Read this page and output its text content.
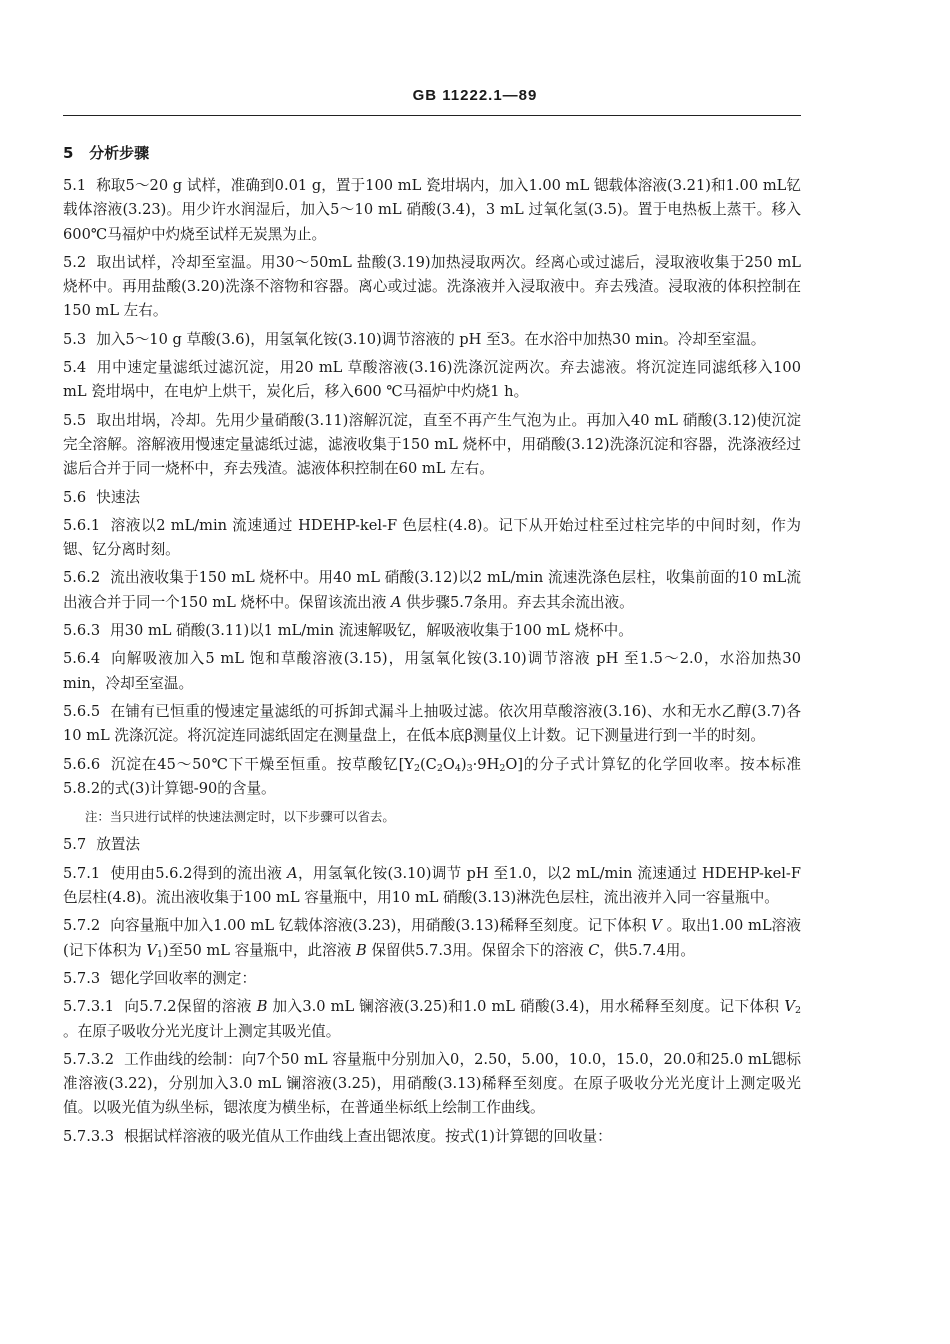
GB 11222.1—89
5 分析步骤

5.1 称取5～20 g 试样，准确到0.01 g，置于100 mL 瓷坩埚内，加入1.00 mL 锶载体溶液(3.21)和1.00 mL钇载体溶液(3.23)。用少许水润湿后，加入5～10 mL 硝酸(3.4)，3 mL 过氧化氢(3.5)。置于电热板上蒸干。移入600℃马福炉中灼烧至试样无炭黑为止。

5.2 取出试样，冷却至室温。用30～50mL 盐酸(3.19)加热浸取两次。经离心或过滤后，浸取液收集于250 mL 烧杯中。再用盐酸(3.20)洗涤不溶物和容器。离心或过滤。洗涤液并入浸取液中。弃去残渣。浸取液的体积控制在150 mL 左右。

5.3 加入5～10 g 草酸(3.6)，用氢氧化铵(3.10)调节溶液的 pH 至3。在水浴中加热30 min。冷却至室温。

5.4 用中速定量滤纸过滤沉淀，用20 mL 草酸溶液(3.16)洗涤沉淀两次。弃去滤液。将沉淀连同滤纸移入100 mL 瓷坩埚中，在电炉上烘干，炭化后，移入600 ℃马福炉中灼烧1 h。

5.5 取出坩埚，冷却。先用少量硝酸(3.11)溶解沉淀，直至不再产生气泡为止。再加入40 mL 硝酸(3.12)使沉淀完全溶解。溶解液用慢速定量滤纸过滤，滤液收集于150 mL 烧杯中，用硝酸(3.12)洗涤沉淀和容器，洗涤液经过滤后合并于同一烧杯中，弃去残渣。滤液体积控制在60 mL 左右。

5.6 快速法

5.6.1 溶液以2 mL/min 流速通过 HDEHP-kel-F 色层柱(4.8)。记下从开始过柱至过柱完毕的中间时刻，作为锶、钇分离时刻。

5.6.2 流出液收集于150 mL 烧杯中。用40 mL 硝酸(3.12)以2 mL/min 流速洗涤色层柱，收集前面的10 mL流出液合并于同一个150 mL 烧杯中。保留该流出液 A 供步骤5.7条用。弃去其余流出液。

5.6.3 用30 mL 硝酸(3.11)以1 mL/min 流速解吸钇，解吸液收集于100 mL 烧杯中。

5.6.4 向解吸液加入5 mL 饱和草酸溶液(3.15)，用氢氧化铵(3.10)调节溶液 pH 至1.5～2.0，水浴加热30 min，冷却至室温。

5.6.5 在铺有已恒重的慢速定量滤纸的可拆卸式漏斗上抽吸过滤。依次用草酸溶液(3.16)、水和无水乙醇(3.7)各10 mL 洗涤沉淀。将沉淀连同滤纸固定在测量盘上，在低本底β测量仪上计数。记下测量进行到一半的时刻。

5.6.6 沉淀在45～50℃下干燥至恒重。按草酸钇$[Y_2(C_2O_4)_3\cdot 9H_2O]$的分子式计算钇的化学回收率。按本标准5.8.2的式(3)计算锶-90的含量。

注：当只进行试样的快速法测定时，以下步骤可以省去。

5.7 放置法

5.7.1 使用由5.6.2得到的流出液 A，用氢氧化铵(3.10)调节 pH 至1.0，以2 mL/min 流速通过 HDEHP-kel-F 色层柱(4.8)。流出液收集于100 mL 容量瓶中，用10 mL 硝酸(3.13)淋洗色层柱，流出液并入同一容量瓶中。

5.7.2 向容量瓶中加入1.00 mL 钇载体溶液(3.23)，用硝酸(3.13)稀释至刻度。记下体积 V 。取出1.00 mL溶液(记下体积为 $V_1$)至50 mL 容量瓶中，此溶液 B 保留供5.7.3用。保留余下的溶液 C，供5.7.4用。

5.7.3 锶化学回收率的测定：

5.7.3.1 向5.7.2保留的溶液 B 加入3.0 mL 镧溶液(3.25)和1.0 mL 硝酸(3.4)，用水稀释至刻度。记下体积 $V_2$ 。在原子吸收分光光度计上测定其吸光值。

5.7.3.2 工作曲线的绘制：向7个50 mL 容量瓶中分别加入0，2.50，5.00，10.0，15.0，20.0和25.0 mL锶标准溶液(3.22)，分别加入3.0 mL 镧溶液(3.25)，用硝酸(3.13)稀释至刻度。在原子吸收分光光度计上测定吸光值。以吸光值为纵坐标，锶浓度为横坐标，在普通坐标纸上绘制工作曲线。

5.7.3.3 根据试样溶液的吸光值从工作曲线上查出锶浓度。按式(1)计算锶的回收量：
